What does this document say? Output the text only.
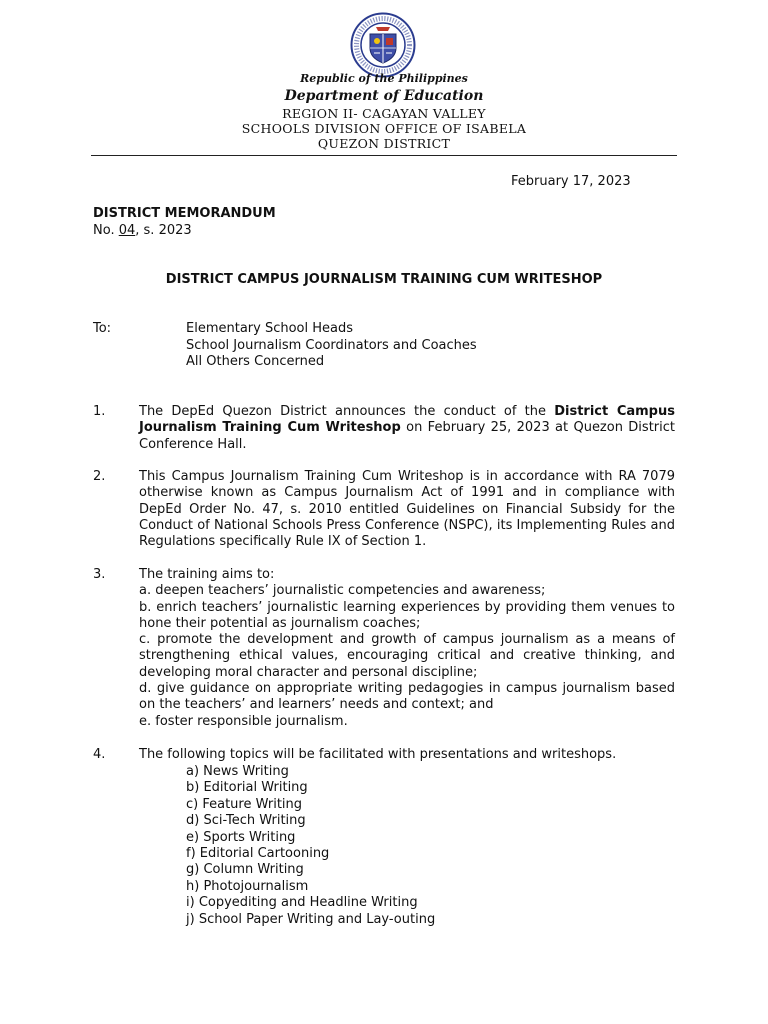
Republic of the Philippines
Department of Education
REGION II- CAGAYAN VALLEY
SCHOOLS DIVISION OFFICE OF ISABELA
QUEZON DISTRICT
February 17, 2023
DISTRICT MEMORANDUM
No. 04, s. 2023
DISTRICT CAMPUS JOURNALISM TRAINING CUM WRITESHOP
To:	Elementary School Heads
School Journalism Coordinators and Coaches
All Others Concerned
1.	The DepEd Quezon District announces the conduct of the District Campus Journalism Training Cum Writeshop on February 25, 2023 at Quezon District Conference Hall.
2.	This Campus Journalism Training Cum Writeshop is in accordance with RA 7079 otherwise known as Campus Journalism Act of 1991 and in compliance with DepEd Order No. 47, s. 2010 entitled Guidelines on Financial Subsidy for the Conduct of National Schools Press Conference (NSPC), its Implementing Rules and Regulations specifically Rule IX of Section 1.
3.	The training aims to:
a. deepen teachers’ journalistic competencies and awareness;
b. enrich teachers’ journalistic learning experiences by providing them venues to hone their potential as journalism coaches;
c. promote the development and growth of campus journalism as a means of strengthening ethical values, encouraging critical and creative thinking, and developing moral character and personal discipline;
d. give guidance on appropriate writing pedagogies in campus journalism based on the teachers’ and learners’ needs and context; and
e. foster responsible journalism.
4.	The following topics will be facilitated with presentations and writeshops.
a) News Writing
b) Editorial Writing
c) Feature Writing
d) Sci-Tech Writing
e) Sports Writing
f) Editorial Cartooning
g) Column Writing
h) Photojournalism
i) Copyediting and Headline Writing
j) School Paper Writing and Lay-outing
